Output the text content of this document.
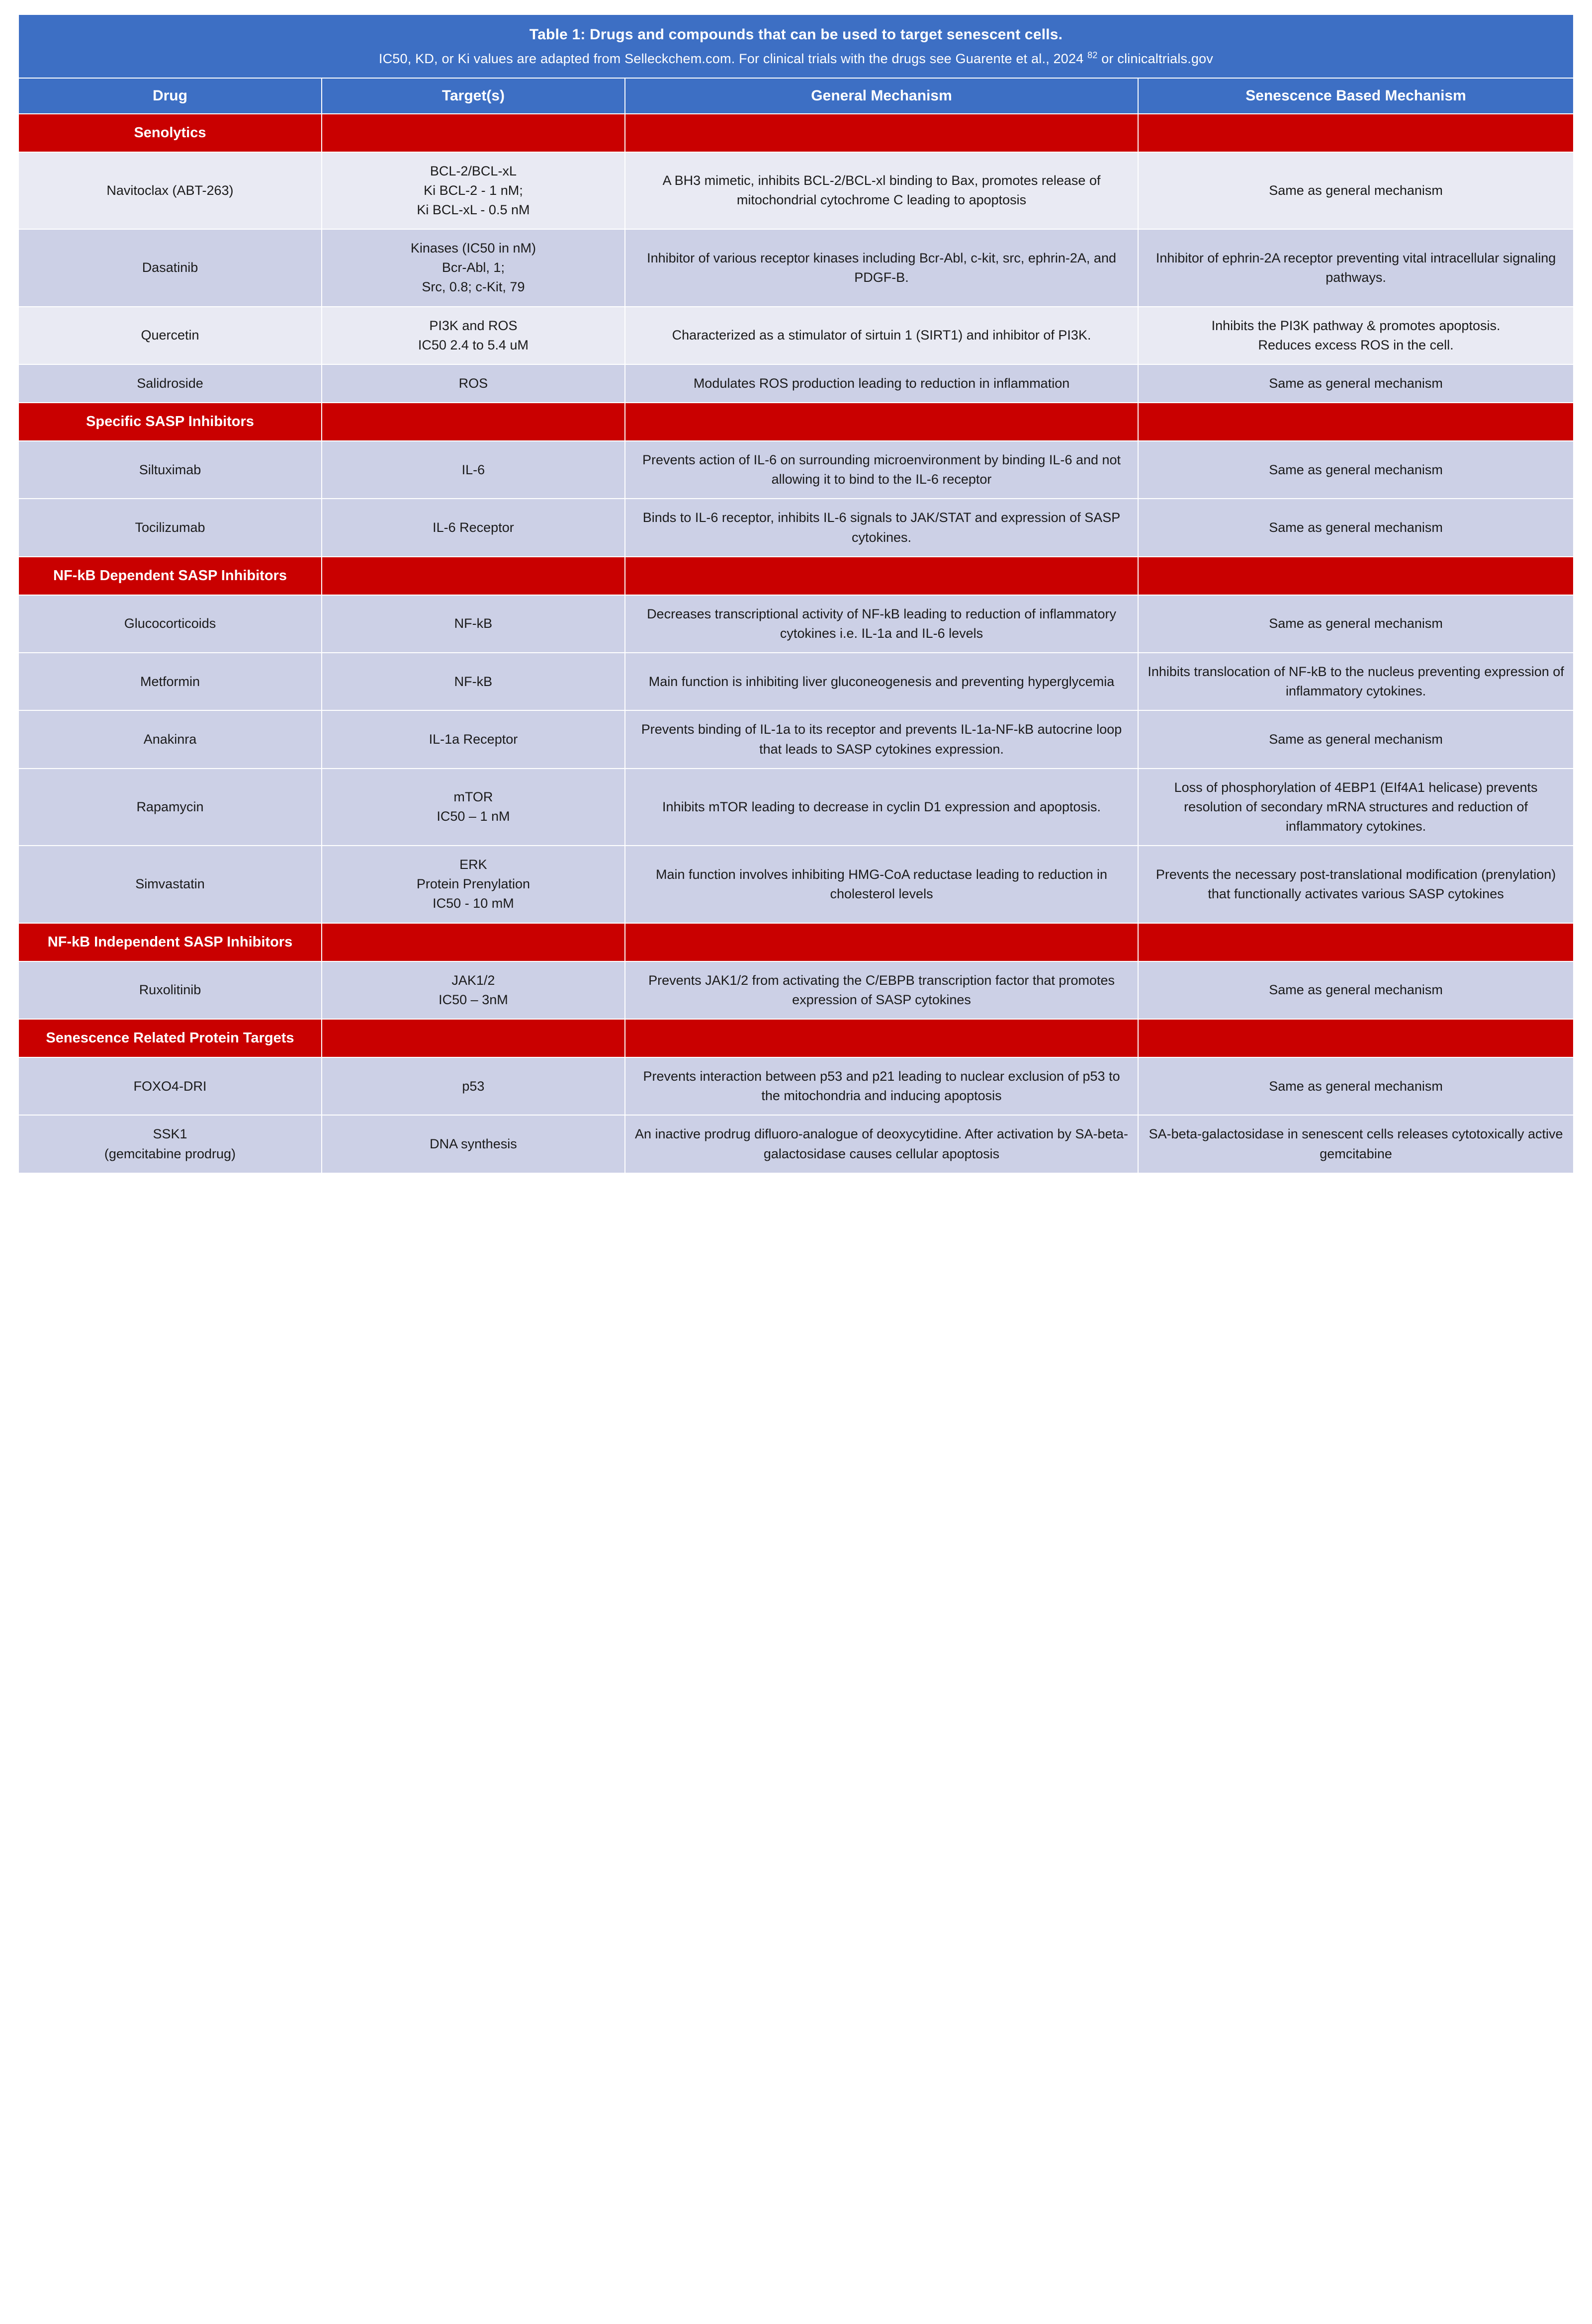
Table 1: Drugs and compounds that can be used to target senescent cells.
IC50, KD, or Ki values are adapted from Selleckchem.com. For clinical trials with the drugs see Guarente et al., 2024 $^{82}$ or clinicaltrials.gov			

Drug	Target(s)	General Mechanism	Senescence Based Mechanism
Senolytics			
Navitoclax (ABT-263)	BCL-2/BCL-xL
Ki BCL-2 - 1 nM;
Ki BCL-xL - 0.5 nM	A BH3 mimetic, inhibits BCL-2/BCL-xl binding to Bax, promotes release of mitochondrial cytochrome C leading to apoptosis	Same as general mechanism
Dasatinib	Kinases (IC50 in nM)
Bcr-Abl, 1;
Src, 0.8; c-Kit, 79	Inhibitor of various receptor kinases including Bcr-Abl, c-kit, src, ephrin-2A, and PDGF-B.	Inhibitor of ephrin-2A receptor preventing vital intracellular signaling pathways.
Quercetin	PI3K and ROS
IC50 2.4 to 5.4 uM	Characterized as a stimulator of sirtuin 1 (SIRT1) and inhibitor of PI3K.	Inhibits the PI3K pathway & promotes apoptosis.
Reduces excess ROS in the cell.
Salidroside	ROS	Modulates ROS production leading to reduction in inflammation	Same as general mechanism
Specific SASP Inhibitors			
Siltuximab	IL-6	Prevents action of IL-6 on surrounding microenvironment by binding IL-6 and not allowing it to bind to the IL-6 receptor	Same as general mechanism
Tocilizumab	IL-6 Receptor	Binds to IL-6 receptor, inhibits IL-6 signals to JAK/STAT and expression of SASP cytokines.	Same as general mechanism
NF-kB Dependent SASP Inhibitors			
Glucocorticoids	NF-kB	Decreases transcriptional activity of NF-kB leading to reduction of inflammatory cytokines i.e. IL-1a and IL-6 levels	Same as general mechanism
Metformin	NF-kB	Main function is inhibiting liver gluconeogenesis and preventing hyperglycemia	Inhibits translocation of NF-kB to the nucleus preventing expression of inflammatory cytokines.
Anakinra	IL-1a Receptor	Prevents binding of IL-1a to its receptor and prevents IL-1a-NF-kB autocrine loop that leads to SASP cytokines expression.	Same as general mechanism
Rapamycin	mTOR
IC50 – 1 nM	Inhibits mTOR leading to decrease in cyclin D1 expression and apoptosis.	Loss of phosphorylation of 4EBP1 (EIf4A1 helicase) prevents resolution of secondary mRNA structures and reduction of inflammatory cytokines.
Simvastatin	ERK
Protein Prenylation
IC50 - 10 mM	Main function involves inhibiting HMG-CoA reductase leading to reduction in cholesterol levels	Prevents the necessary post-translational modification (prenylation) that functionally activates various SASP cytokines
NF-kB Independent SASP Inhibitors			
Ruxolitinib	JAK1/2
IC50 – 3nM	Prevents JAK1/2 from activating the C/EBPB transcription factor that promotes expression of SASP cytokines	Same as general mechanism
Senescence Related Protein Targets			
FOXO4-DRI	p53	Prevents interaction between p53 and p21 leading to nuclear exclusion of p53 to the mitochondria and inducing apoptosis	Same as general mechanism
SSK1
(gemcitabine prodrug)	DNA synthesis	An inactive prodrug difluoro-analogue of deoxycytidine. After activation by SA-beta-galactosidase causes cellular apoptosis	SA-beta-galactosidase in senescent cells releases cytotoxically active gemcitabine
